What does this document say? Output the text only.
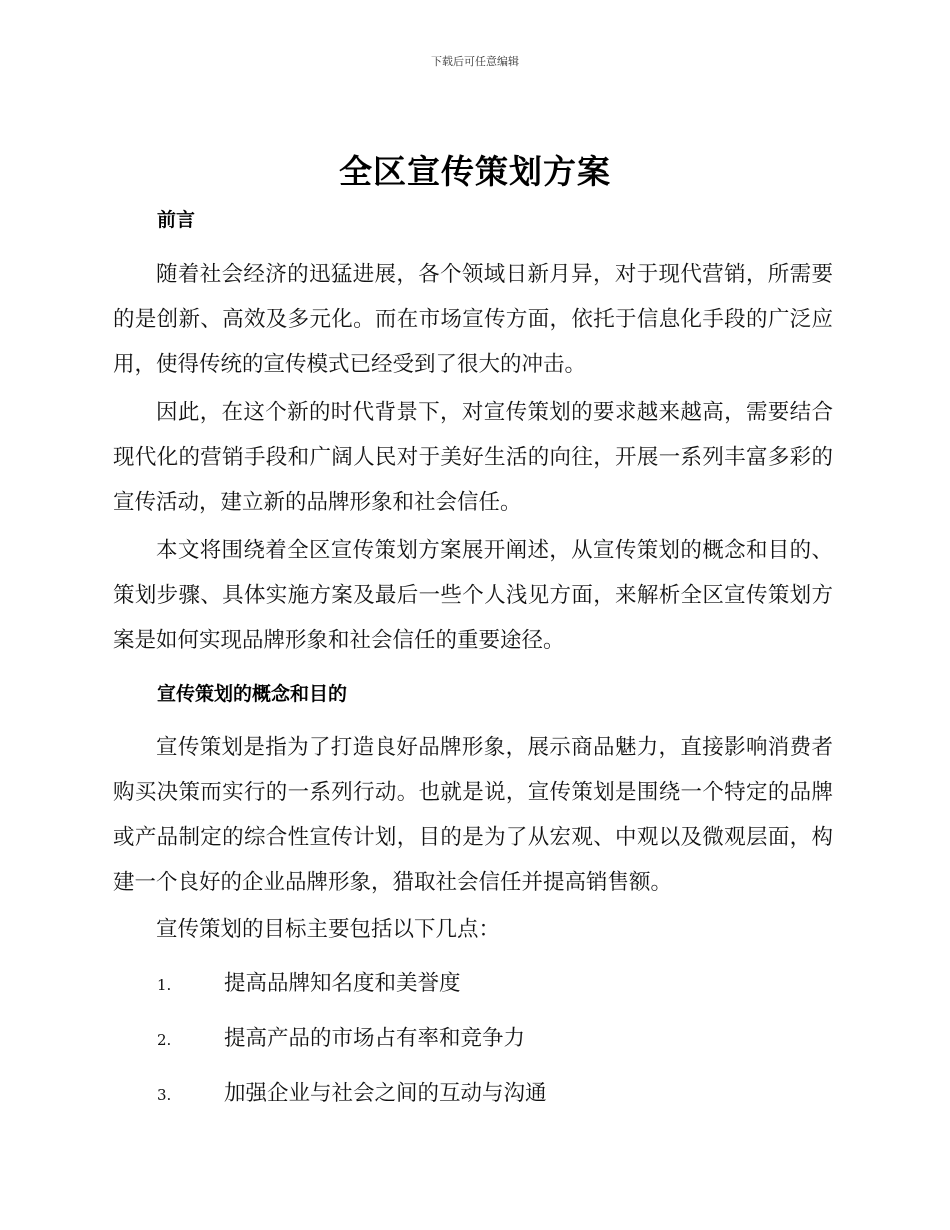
下载后可任意编辑
全区宣传策划方案
前言

随着社会经济的迅猛进展，各个领域日新月异，对于现代营销，所需要的是创新、高效及多元化。而在市场宣传方面，依托于信息化手段的广泛应用，使得传统的宣传模式已经受到了很大的冲击。

因此，在这个新的时代背景下，对宣传策划的要求越来越高，需要结合现代化的营销手段和广阔人民对于美好生活的向往，开展一系列丰富多彩的宣传活动，建立新的品牌形象和社会信任。

本文将围绕着全区宣传策划方案展开阐述，从宣传策划的概念和目的、策划步骤、具体实施方案及最后一些个人浅见方面，来解析全区宣传策划方案是如何实现品牌形象和社会信任的重要途径。

宣传策划的概念和目的

宣传策划是指为了打造良好品牌形象，展示商品魅力，直接影响消费者购买决策而实行的一系列行动。也就是说，宣传策划是围绕一个特定的品牌或产品制定的综合性宣传计划，目的是为了从宏观、中观以及微观层面，构建一个良好的企业品牌形象，猎取社会信任并提高销售额。

宣传策划的目标主要包括以下几点：

1. 提高品牌知名度和美誉度
2. 提高产品的市场占有率和竞争力
3. 加强企业与社会之间的互动与沟通
